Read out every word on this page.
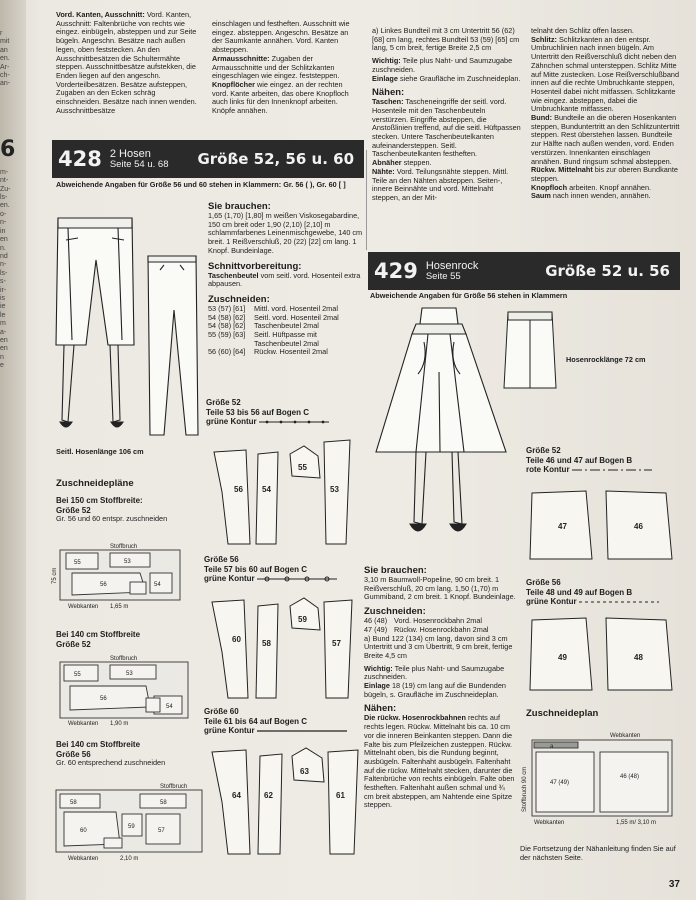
r
mit
an
en.
Ar-
ch-
an-
m-
nt-
Zu-
ls-
en.
o-
n-
in
en
n.
nd
n-
ls-
s-
ir-
is
ie
le
m
a-
en
en
n
e
6

Vord. Kanten, Ausschnitt: Vord. Kanten, Ausschnitt: Faltenbrüche von rechts wie eingez. einbügeln, absteppen und zur Seite bügeln. Angeschn. Besätze nach außen legen, oben feststecken. An den Ausschnittbesätzen die Schultermähte steppen. Ausschnittbesätze aufstekken, die Enden liegen auf den angeschn. Vorderteilbesätzen. Besätze aufsteppen, Zugaben an den Ecken schräg einschneiden. Besätze nach innen wenden. Ausschnittbesätze

einschlagen und festheften. Ausschnitt wie eingez. absteppen. Angeschn. Besätze an der Saumkante annähen. Vord. Kanten absteppen.

Armausschnitte: Zugaben der Armausschnitte und der Schlitzkanten eingeschlagen wie eingez. feststeppen.

Knopflöcher wie eingez. an der rechten vord. Kante arbeiten, das obere Knopfloch auch links für den Innenknopf arbeiten. Knöpfe annähen.

a) Linkes Bundteil mit 3 cm Untertritt 56 (62) [68] cm lang, rechtes Bundteil 53 (59) [65] cm lang, 5 cm breit, fertige Breite 2,5 cm

Wichtig: Teile plus Naht- und Saumzugabe zuschneiden.

Einlage siehe Graufläche im Zuschneideplan.

Nähen:

Taschen: Tascheneingriffe der seitl. vord. Hosenteile mit den Taschenbeuteln verstürzen. Eingriffe absteppen, die Anstoßlinien treffend, auf die seitl. Hüftpassen stecken. Untere Taschenbeutelkanten aufeinandersteppen. Seitl. Taschenbeutelkanten festheften.

Abnäher steppen.

Nähte: Vord. Teilungsnähte steppen. Mittl. Teile an den Nähten absteppen. Seiten-, innere Beinnähte und vord. Mittelnaht steppen, an der Mit-

telnaht den Schlitz offen lassen.

Schlitz: Schlitzkanten an den entspr. Umbruchlinien nach innen bügeln. Am Untertritt den Reißverschluß dicht neben den Zähnchen schmal untersteppen. Schlitz Mitte auf Mitte zustecken. Lose Reißverschlußband innen auf die rechte Umbruchkante steppen, Hosenteil dabei nicht mitfassen. Schlitzkante wie eingez. absteppen, dabei die Umbruchkante mitfassen.

Bund: Bundteile an die oberen Hosenkanten steppen, Bunduntertritt an den Schlitzuntertritt steppen. Rest überstehen lassen. Bundteile zur Hälfte nach außen wenden, vord. Enden verstürzen. Innenkanten einschlagen annähen. Bund ringsum schmal absteppen.

Rückw. Mittelnaht bis zur oberen Bundkante steppen.

Knopfloch arbeiten. Knopf annähen.

Saum nach innen wenden, annähen.

428 2 Hosen
Seite 54 u. 68 Größe 52, 56 u. 60
Abweichende Angaben für Größe 56 und 60 stehen in Klammern: Gr. 56 ( ), Gr. 60 [ ]
Seitl. Hosenlänge 106 cm
Zuschneidepläne
Bei 150 cm Stoffbreite:
Größe 52
Gr. 56 und 60 entspr. zuschneiden
Stoffbruch
55	53
56	54
Webkanten 1,65 m
75 cm
Bei 140 cm Stoffbreite
Größe 52
Stoffbruch
55	53
56
54
Webkanten 1,90 m
Bei 140 cm Stoffbreite
Größe 56
Gr. 60 entsprechend zuschneiden
Stoffbruch
58
60
59
57
58
Webkanten	2,10 m
Sie brauchen:

1,65 (1,70) [1,80] m weißen Viskosegabardine, 150 cm breit oder 1,90 (2,10) [2,10] m schlammfarbenes Leinenmischgewebe, 140 cm breit. 1 Reißverschluß, 20 (22) [22] cm lang. 1 Knopf. Bundeinlage.

Schnittvorbereitung:

Taschenbeutel vom seitl. vord. Hosenteil extra abpausen.

Zuschneiden:
53 (57) [61]	Mittl. vord. Hosenteil 2mal
54 (58) [62]	Seitl. vord. Hosenteil 2mal
54 (58) [62]	Taschenbeutel 2mal
55 (59) [63]	Seitl. Hüftpasse mit Taschenbeutel 2mal
56 (60) [64]	Rückw. Hosenteil 2mal
Größe 52
Teile 53 bis 56 auf Bogen C
grüne Kontur
56 54
55
53
Größe 56
Teile 57 bis 60 auf Bogen C
grüne Kontur
60	58
59
57
Größe 60
Teile 61 bis 64 auf Bogen C
grüne Kontur
64	62
63
61
429 Hosenrock
Seite 55	Größe 52 u. 56
Abweichende Angaben für Größe 56 stehen in Klammern
Hosenrocklänge 72 cm
Größe 52
Teile 46 und 47 auf Bogen B
rote Kontur
47	46
Größe 56
Teile 48 und 49 auf Bogen B
grüne Kontur
49	48
Zuschneideplan
Webkanten
a
47 (49)
46 (48)
Stoffbruch 90 cm
Webkanten	1,55 m/ 3,10 m
Die Fortsetzung der Nähanleitung finden Sie auf der nächsten Seite.
Sie brauchen:

3,10 m Baumwoll-Popeline, 90 cm breit. 1 Reißverschluß, 20 cm lang. 1,50 (1,70) m Gummiband, 2 cm breit. 1 Knopf. Bundeinlage.

Zuschneiden:
46 (48) Vord. Hosenrockbahn 2mal
47 (49) Rückw. Hosenrockbahn 2mal

a) Bund 122 (134) cm lang, davon sind 3 cm Untertritt und 3 cm Übertritt, 9 cm breit, fertige Breite 4,5 cm

Wichtig: Teile plus Naht- und Saumzugabe zuschneiden.

Einlage 18 (19) cm lang auf die Bundenden bügeln, s. Graufläche im Zuschneideplan.

Nähen:

Die rückw. Hosenrockbahnen rechts auf rechts legen. Rückw. Mittelnaht bis ca. 10 cm vor die inneren Beinkanten steppen. Dann die Falte bis zum Pfeilzeichen zusteppen. Rückw. Mittelnaht oben, bis die Rundung beginnt, ausbügeln. Faltenhaht ausbügeln. Faltenhaht auf die rückw. Mittelnaht stecken, darunter die Faltenbrüche von rechts einbügeln. Falte oben festheften. Faltenhaht außen schmal und ¾ cm breit absteppen, am Nahtende eine Spitze steppen.

37
